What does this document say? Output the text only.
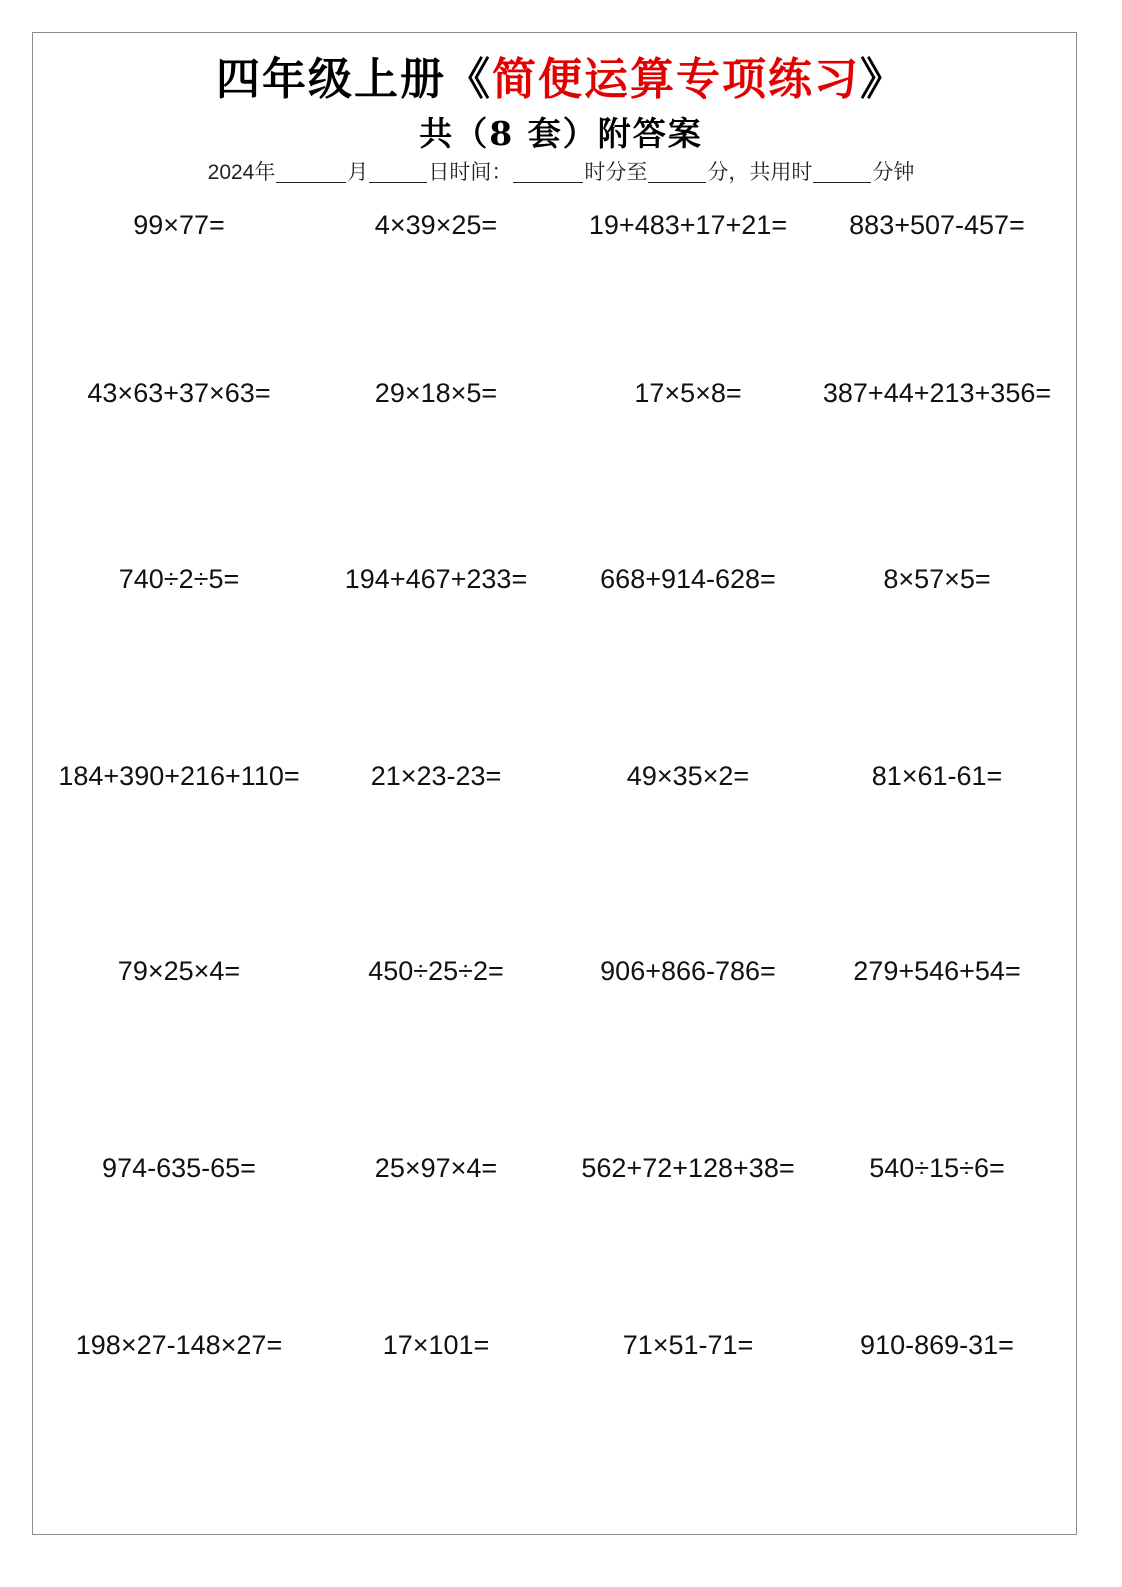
四年级上册《简便运算专项练习》
共（8 套）附答案
2024年	月	日时间：	时分至	分，共用时	分钟
99×77=	4×39×25=	19+483+17+21=	883+507-457=
43×63+37×63=	29×18×5=	17×5×8=	387+44+213+356=
740÷2÷5=	194+467+233=	668+914-628=	8×57×5=
184+390+216+110=	21×23-23=	49×35×2=	81×61-61=
79×25×4=	450÷25÷2=	906+866-786=	279+546+54=
974-635-65=	25×97×4=	562+72+128+38=	540÷15÷6=
198×27-148×27=	17×101=	71×51-71=	910-869-31=
